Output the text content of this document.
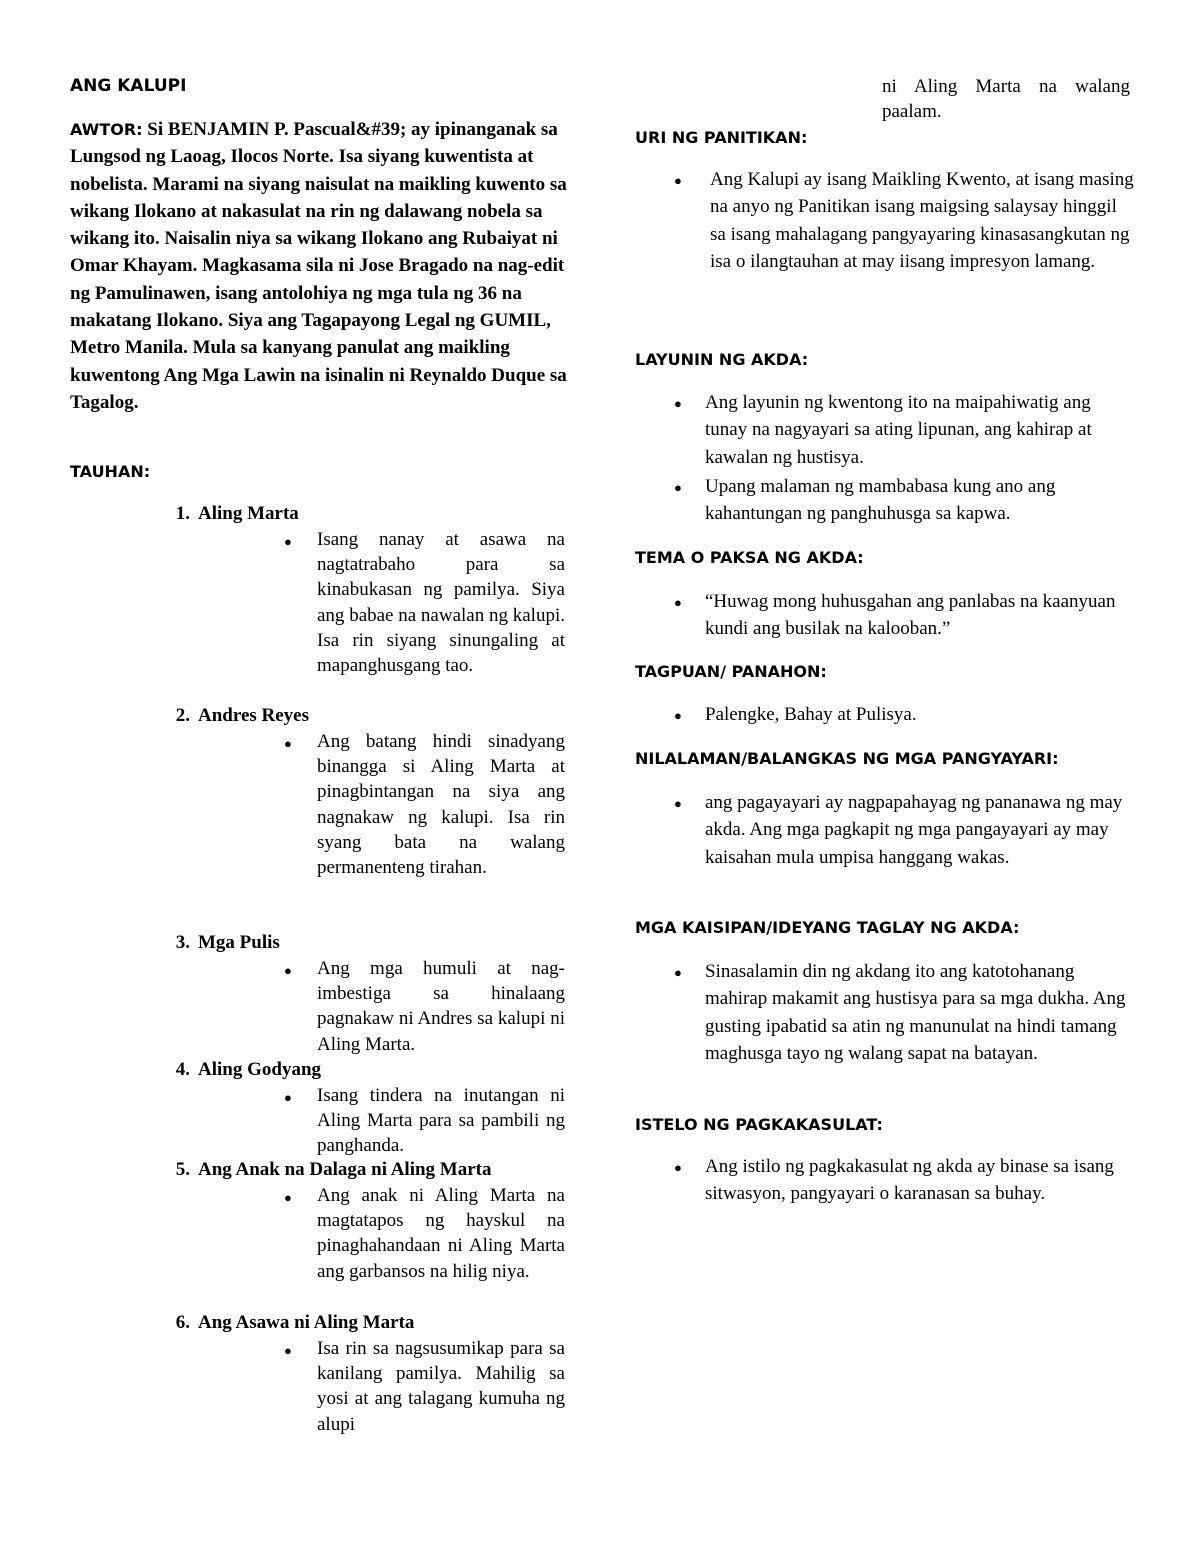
ANG KALUPI
AWTOR: Si BENJAMIN P. Pascual&#39; ay ipinanganak sa Lungsod ng Laoag, Ilocos Norte. Isa siyang kuwentista at nobelista. Marami na siyang naisulat na maikling kuwento sa wikang Ilokano at nakasulat na rin ng dalawang nobela sa wikang ito. Naisalin niya sa wikang Ilokano ang Rubaiyat ni Omar Khayam. Magkasama sila ni Jose Bragado na nag-edit ng Pamulinawen, isang antolohiya ng mga tula ng 36 na makatang Ilokano. Siya ang Tagapayong Legal ng GUMIL, Metro Manila. Mula sa kanyang panulat ang maikling kuwentong Ang Mga Lawin na isinalin ni Reynaldo Duque sa Tagalog.
TAUHAN:
1. Aling Marta
● Isang nanay at asawa na nagtatrabaho para sa kinabukasan ng pamilya. Siya ang babae na nawalan ng kalupi. Isa rin siyang sinungaling at mapanghusgang tao.
2. Andres Reyes
● Ang batang hindi sinadyang binangga si Aling Marta at pinagbintangan na siya ang nagnakaw ng kalupi. Isa rin syang bata na walang permanenteng tirahan.
3. Mga Pulis
● Ang mga humuli at nag-imbestiga sa hinalaang pagnakaw ni Andres sa kalupi ni Aling Marta.
4. Aling Godyang
● Isang tindera na inutangan ni Aling Marta para sa pambili ng panghanda.
5. Ang Anak na Dalaga ni Aling Marta
● Ang anak ni Aling Marta na magtatapos ng hayskul na pinaghahandaan ni Aling Marta ang garbansos na hilig niya.
6. Ang Asawa ni Aling Marta
● Isa rin sa nagsusumikap para sa kanilang pamilya. Mahilig sa yosi at ang talagang kumuha ng alupi
ni Aling Marta na walang paalam.
URI NG PANITIKAN:
● Ang Kalupi ay isang Maikling Kwento, at isang masing na anyo ng Panitikan isang maigsing salaysay hinggil sa isang mahalagang pangyayaring kinasasangkutan ng isa o ilangtauhan at may iisang impresyon lamang.
LAYUNIN NG AKDA:
● Ang layunin ng kwentong ito na maipahiwatig ang tunay na nagyayari sa ating lipunan, ang kahirap at kawalan ng hustisya.
● Upang malaman ng mambabasa kung ano ang kahantungan ng panghuhusga sa kapwa.
TEMA O PAKSA NG AKDA:
● “Huwag mong huhusgahan ang panlabas na kaanyuan kundi ang busilak na kalooban.”
TAGPUAN/ PANAHON:
● Palengke, Bahay at Pulisya.
NILALAMAN/BALANGKAS NG MGA PANGYAYARI:
● ang pagayayari ay nagpapahayag ng pananawa ng may akda. Ang mga pagkapit ng mga pangayayari ay may kaisahan mula umpisa hanggang wakas.
MGA KAISIPAN/IDEYANG TAGLAY NG AKDA:
● Sinasalamin din ng akdang ito ang katotohanang mahirap makamit ang hustisya para sa mga dukha. Ang gusting ipabatid sa atin ng manunulat na hindi tamang maghusga tayo ng walang sapat na batayan.
ISTELO NG PAGKAKASULAT:
● Ang istilo ng pagkakasulat ng akda ay binase sa isang sitwasyon, pangyayari o karanasan sa buhay.
